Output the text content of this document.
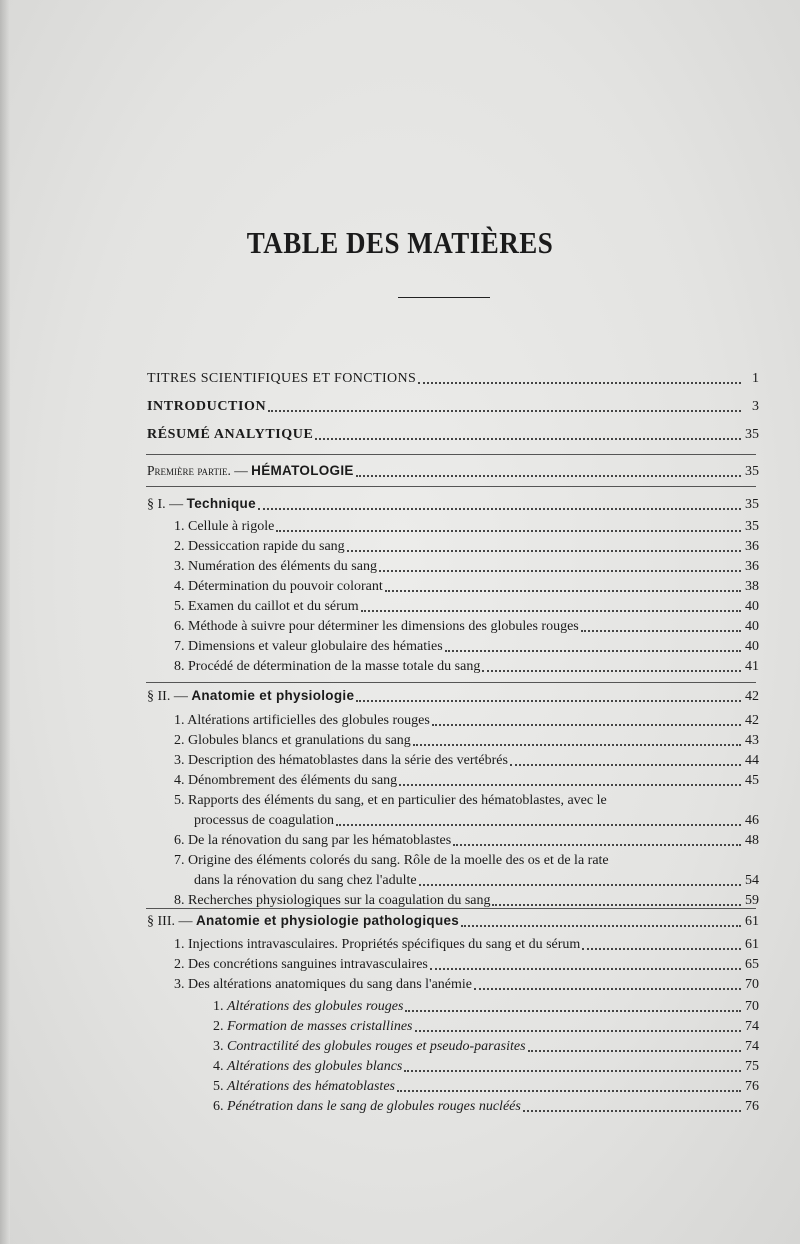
TABLE DES MATIÈRES
TITRES SCIENTIFIQUES ET FONCTIONS	1
INTRODUCTION	3
RÉSUMÉ ANALYTIQUE	35
Première partie. — HÉMATOLOGIE	35
§ I. — Technique	35
1. Cellule à rigole	35
2. Dessiccation rapide du sang	36
3. Numération des éléments du sang	36
4. Détermination du pouvoir colorant	38
5. Examen du caillot et du sérum	40
6. Méthode à suivre pour déterminer les dimensions des globules rouges	40
7. Dimensions et valeur globulaire des hématies	40
8. Procédé de détermination de la masse totale du sang	41
§ II. — Anatomie et physiologie	42
1. Altérations artificielles des globules rouges	42
2. Globules blancs et granulations du sang	43
3. Description des hématoblastes dans la série des vertébrés	44
4. Dénombrement des éléments du sang	45
5. Rapports des éléments du sang, et en particulier des hématoblastes, avec le
processus de coagulation	46
6. De la rénovation du sang par les hématoblastes	48
7. Origine des éléments colorés du sang. Rôle de la moelle des os et de la rate
dans la rénovation du sang chez l'adulte	54
8. Recherches physiologiques sur la coagulation du sang	59
§ III. — Anatomie et physiologie pathologiques	61
1. Injections intravasculaires. Propriétés spécifiques du sang et du sérum	61
2. Des concrétions sanguines intravasculaires	65
3. Des altérations anatomiques du sang dans l'anémie	70
1. Altérations des globules rouges	70
2. Formation de masses cristallines	74
3. Contractilité des globules rouges et pseudo-parasites	74
4. Altérations des globules blancs	75
5. Altérations des hématoblastes	76
6. Pénétration dans le sang de globules rouges nucléés	76
